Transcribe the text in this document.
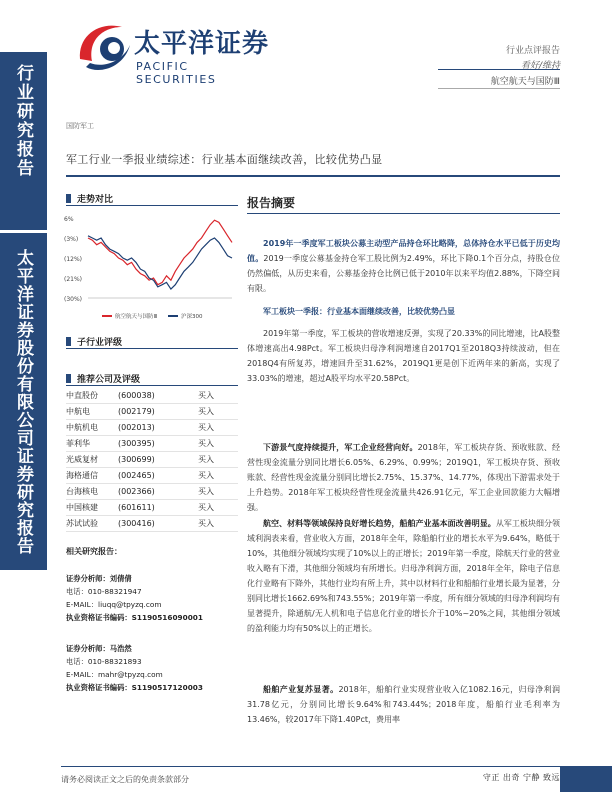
行业研究报告
太平洋证券股份有限公司证券研究报告
太平洋证券
PACIFIC SECURITIES
行业点评报告
看好/维持
航空航天与国防Ⅲ
国防军工
军工行业一季报业绩综述：行业基本面继续改善，比较优势凸显
走势对比
6%
(3%)
(12%)
(21%)
(30%)
航空航天与国防Ⅲ	沪深300
子行业评级
推荐公司及评级
中直股份	(600038)	买入
中航电	(002179)	买入
中航机电	(002013)	买入
菲利华	(300395)	买入
光威复材	(300699)	买入
海格通信	(002465)	买入
台海核电	(002366)	买入
中国核建	(601611)	买入
苏试试验	(300416)	买入
相关研究报告：
证券分析师：刘倩倩
电话：010-88321947
E-MAIL：liuqq@tpyzq.com
执业资格证书编码：S1190516090001
证券分析师：马浩然
电话：010-88321893
E-MAIL：mahr@tpyzq.com
执业资格证书编码：S1190517120003
报告摘要

2019年一季度军工板块公募主动型产品持仓环比略降，总体持仓水平已低于历史均值。2019一季度公募基金持仓军工股比例为2.49%，环比下降0.1个百分点，持股仓位仍然偏低，从历史来看，公募基金持仓比例已低于2010年以来平均值2.88%，下降空间有限。

军工板块一季报：行业基本面继续改善，比较优势凸显

2019年第一季度，军工板块的营收增速反弹，实现了20.33%的同比增速，比A股整体增速高出4.98Pct。军工板块归母净利润增速自2017Q1至2018Q3持续波动，但在2018Q4有所复苏，增速回升至31.62%，2019Q1更是创下近两年来的新高，实现了33.03%的增速，超过A股平均水平20.58Pct。

下游景气度持续提升，军工企业经营向好。2018年，军工板块存货、预收账款、经营性现金流量分别同比增长6.05%、6.29%、0.99%；2019Q1，军工板块存货、预收账款、经营性现金流量分别同比增长2.75%、15.37%、14.77%，体现出下游需求处于上升趋势。2018年军工板块经营性现金流量共426.91亿元，军工企业回款能力大幅增强。

航空、材料等领域保持良好增长趋势，船舶产业基本面改善明显。从军工板块细分领域利润表来看，营业收入方面，2018年全年，除船舶行业的增长水平为9.64%，略低于10%，其他细分领域均实现了10%以上的正增长；2019年第一季度，除航天行业的营业收入略有下滑，其他细分领域均有所增长。归母净利润方面，2018年全年，除电子信息化行业略有下降外，其他行业均有所上升，其中以材料行业和船舶行业增长最为显著，分别同比增长1662.69%和743.55%；2019年第一季度，所有细分领域的归母净利润均有显著提升，除通航/无人机和电子信息化行业的增长介于10%~20%之间，其他细分领域的盈利能力均有50%以上的正增长。

船舶产业复苏显著。2018年，船舶行业实现营业收入亿1082.16元，归母净利润31.78亿元，分别同比增长9.64%和743.44%；2018年度，船舶行业毛利率为13.46%，较2017年下降1.40Pct，费用率

请务必阅读正文之后的免责条款部分	守正 出奇 宁静 致远
